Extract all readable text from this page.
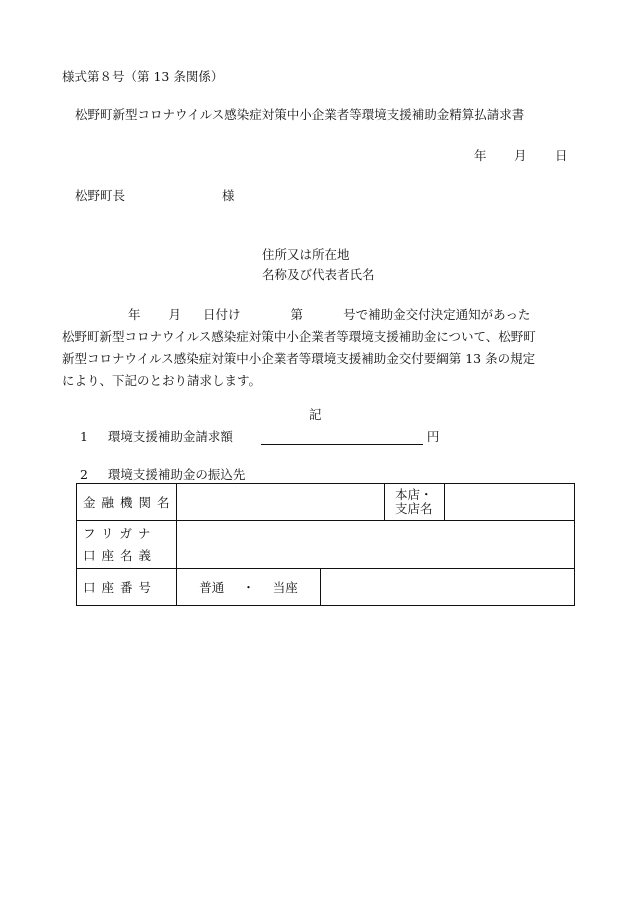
様式第８号（第 13 条関係）
松野町新型コロナウイルス感染症対策中小企業者等環境支援補助金精算払請求書
年 月 日
松野町長	様
住所又は所在地
名称及び代表者氏名
年 月 日付け	第	号で補助金交付決定通知があった
松野町新型コロナウイルス感染症対策中小企業者等環境支援補助金について、松野町
新型コロナウイルス感染症対策中小企業者等環境支援補助金交付要綱第 13 条の規定
により、下記のとおり請求します。
記
1 環境支援補助金請求額	円
2 環境支援補助金の振込先
金融機関名			本店・
支店名	

フリガナ
口座名義				

口座番号	普通 ・ 当座			
